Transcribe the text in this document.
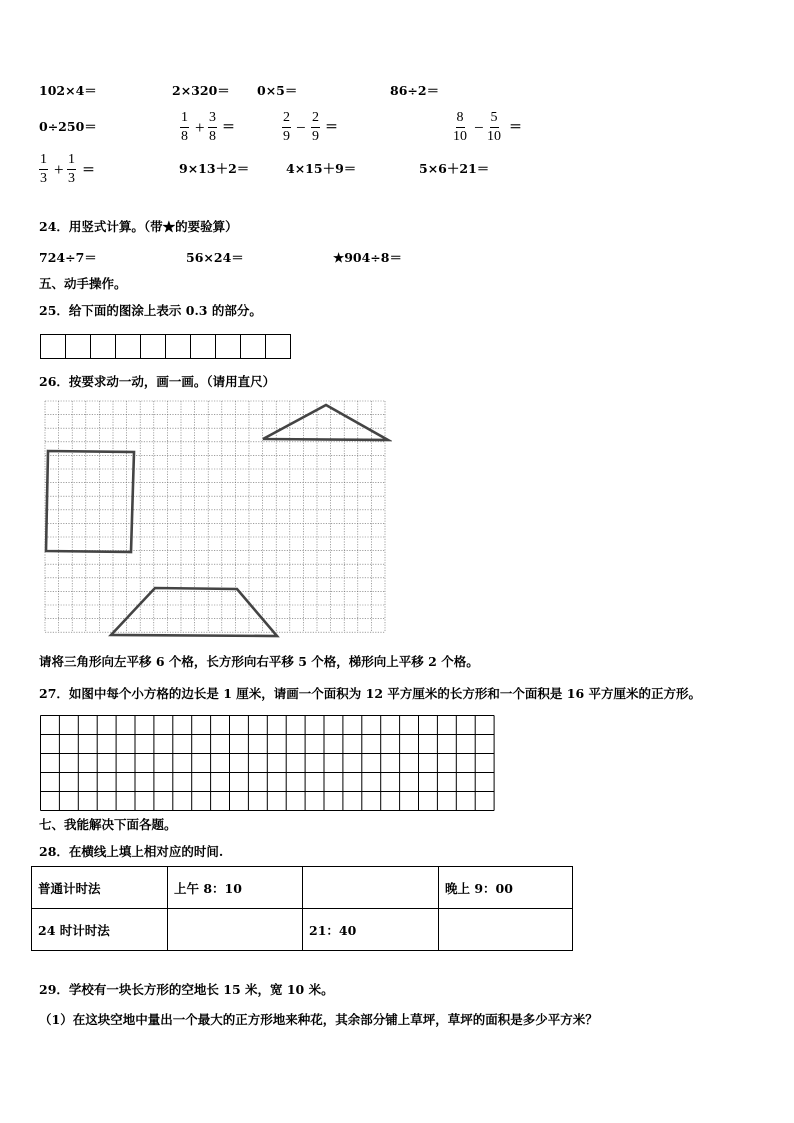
102×4＝	2×320＝ 0×5＝	86÷2＝
0÷250＝	$\frac{1}{8} + \frac{3}{8}$ ＝	$\frac{2}{9} - \frac{2}{9}$ ＝	$\frac{8}{10} - \frac{5}{10}$ ＝
$\frac{1}{3} + \frac{1}{3}$ ＝	9×13＋2＝	4×15＋9＝	5×6＋21＝
24．用竖式计算。（带★的要验算）
724÷7＝	56×24＝	★904÷8＝
五、动手操作。
25．给下面的图涂上表示 0.3 的部分。
26．按要求动一动，画一画。（请用直尺）
请将三角形向左平移 6 个格，长方形向右平移 5 个格，梯形向上平移 2 个格。
27．如图中每个小方格的边长是 1 厘米，请画一个面积为 12 平方厘米的长方形和一个面积是 16 平方厘米的正方形。
七、我能解决下面各题。
28．在横线上填上相对应的时间.
普通计时法	上午 8：10		晚上 9：00
24 时计时法		21：40	
29．学校有一块长方形的空地长 15 米，宽 10 米。
（1）在这块空地中量出一个最大的正方形地来种花，其余部分铺上草坪，草坪的面积是多少平方米？
